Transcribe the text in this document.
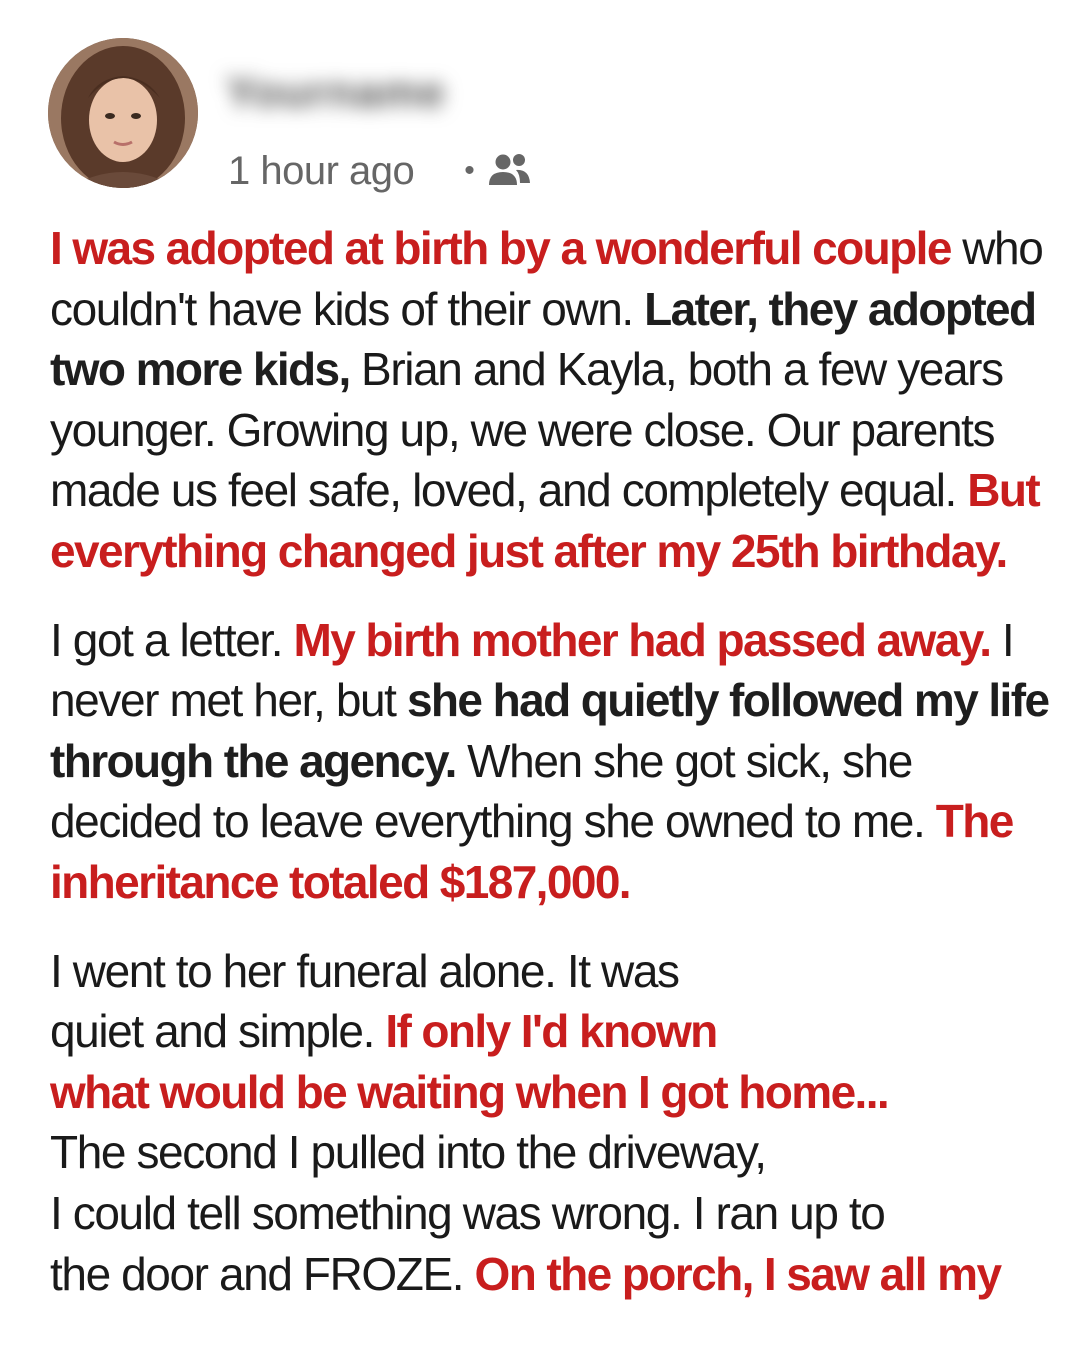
Yourname
1 hour ago •

I was adopted at birth by a wonderful couple who couldn't have kids of their own. Later, they adopted two more kids, Brian and Kayla, both a few years younger. Growing up, we were close. Our parents made us feel safe, loved, and completely equal. But everything changed just after my 25th birthday.

I got a letter. My birth mother had passed away. I never met her, but she had quietly followed my life through the agency. When she got sick, she decided to leave everything she owned to me. The inheritance totaled $187,000.

I went to her funeral alone. It was
quiet and simple. If only I'd known
what would be waiting when I got home...
The second I pulled into the driveway,
I could tell something was wrong. I ran up to
the door and FROZE. On the porch, I saw all my
